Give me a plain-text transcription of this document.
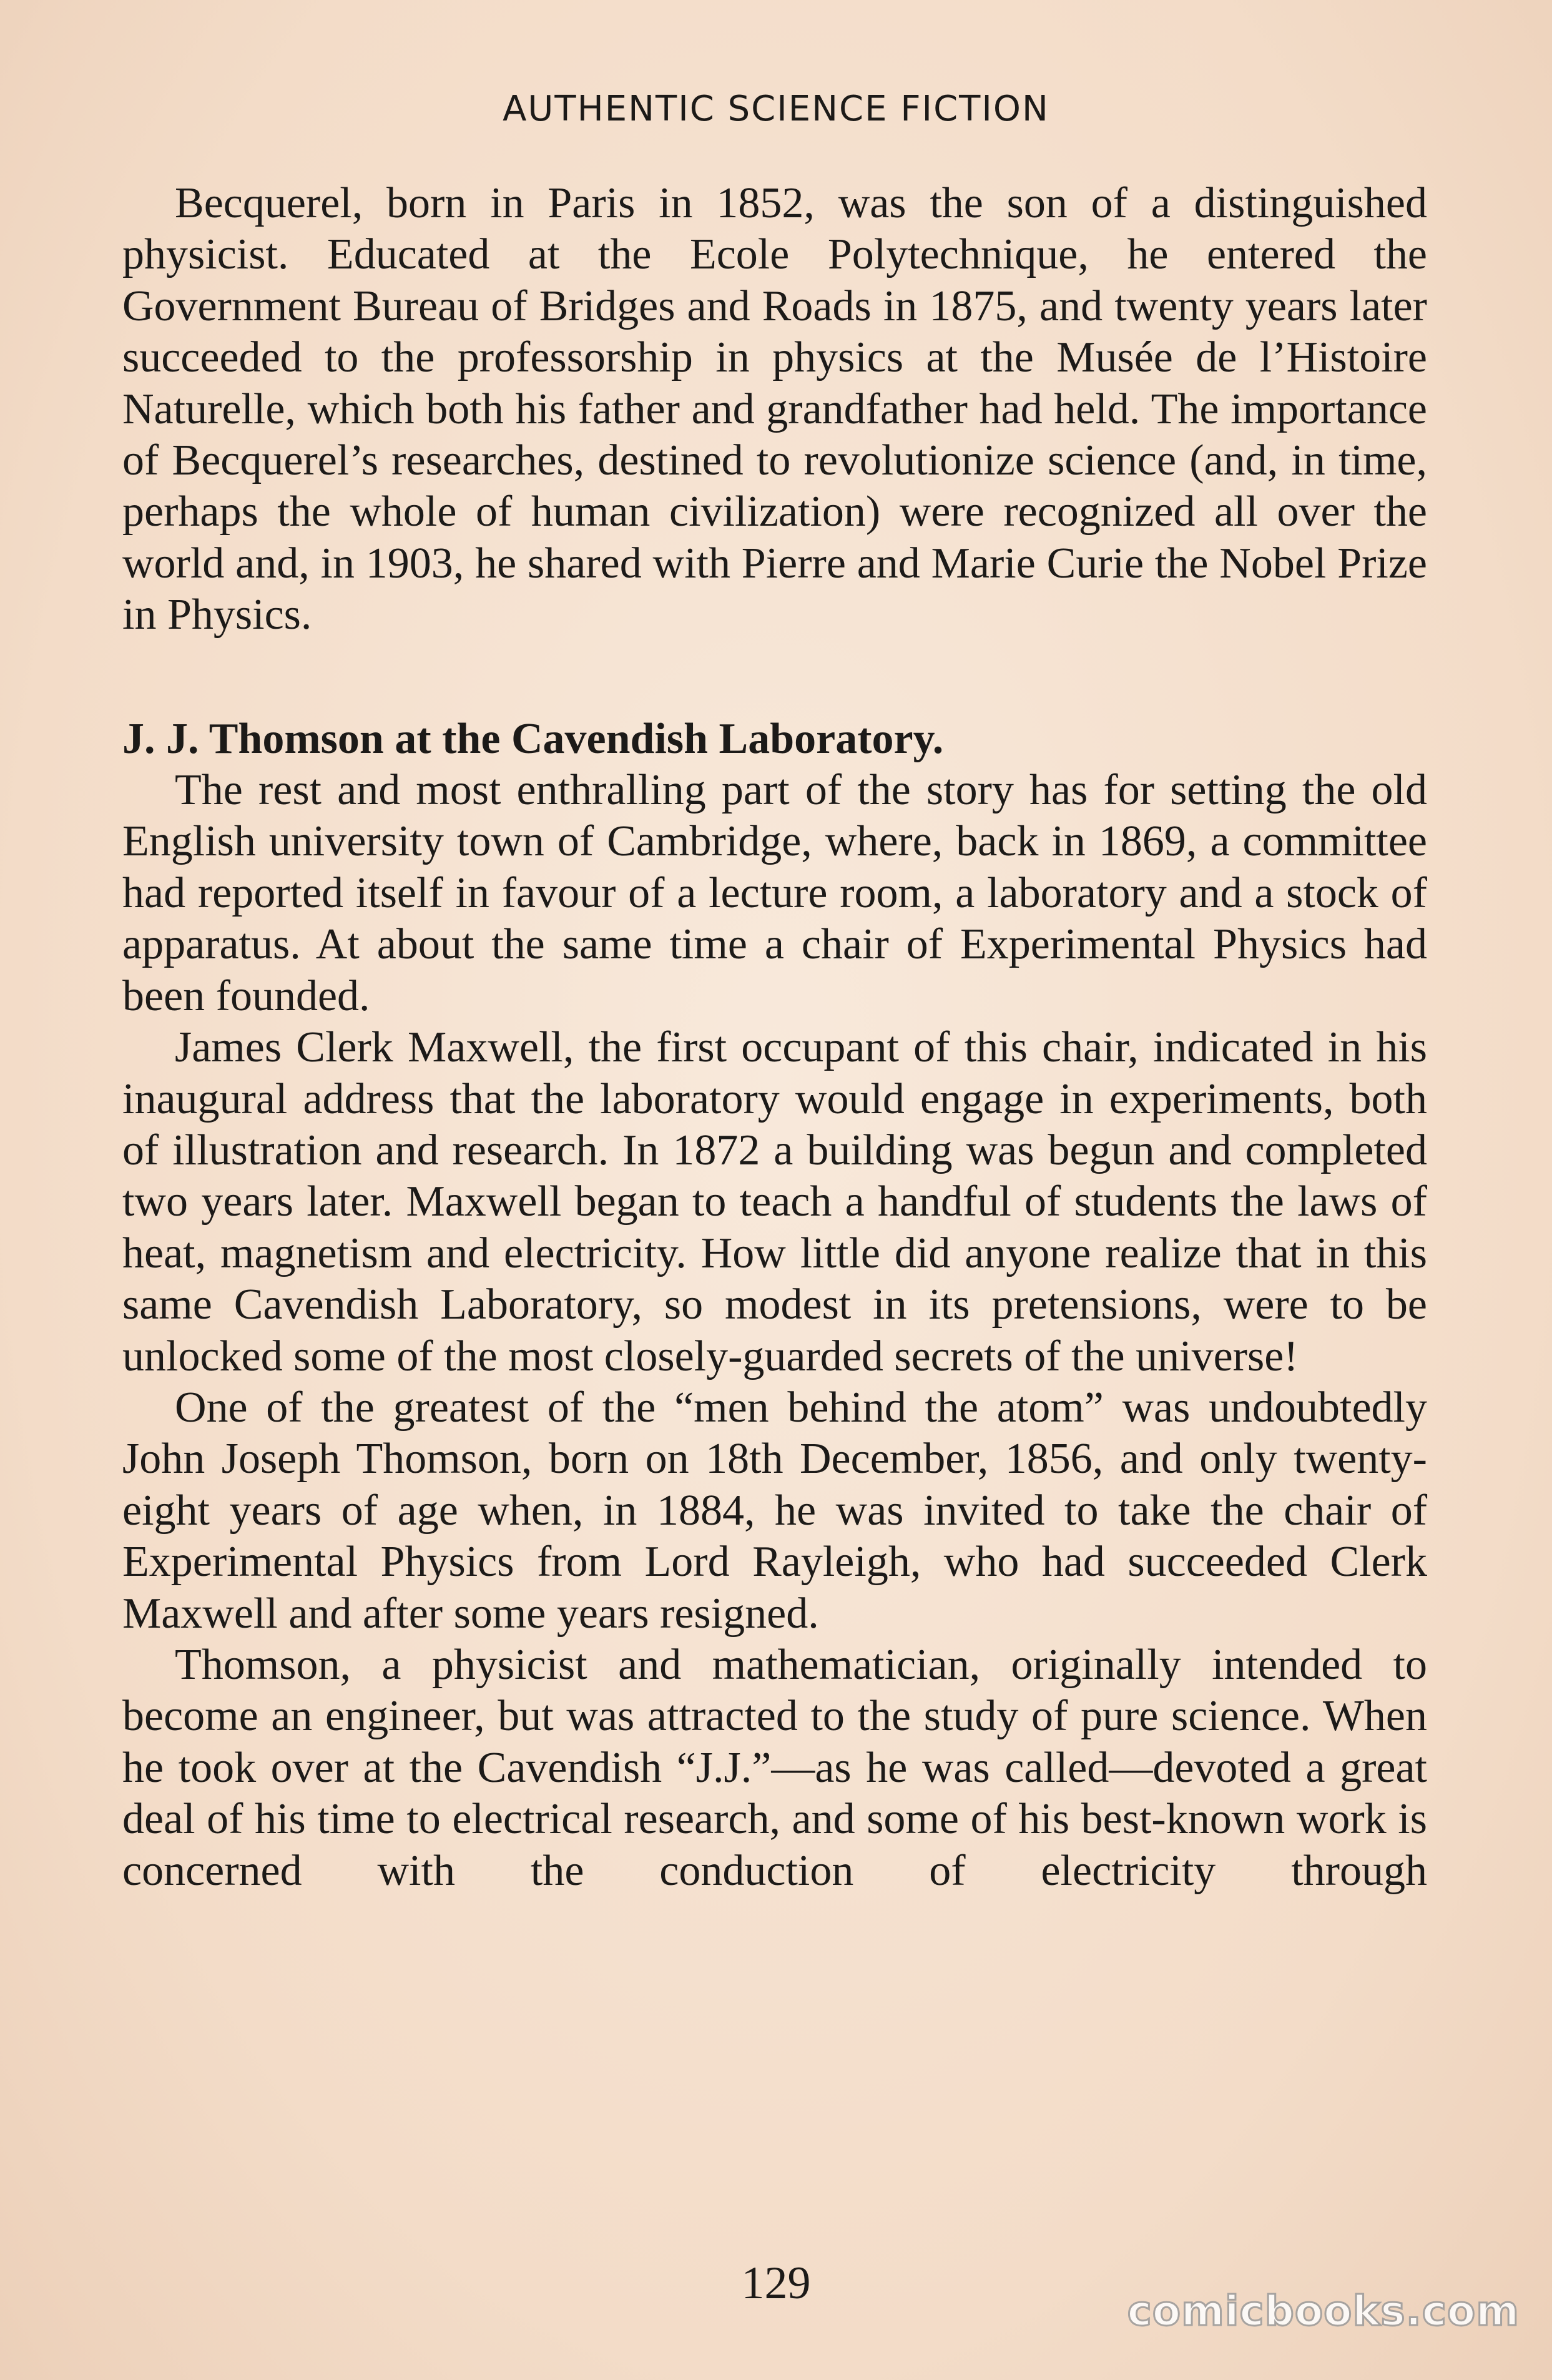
AUTHENTIC SCIENCE FICTION

Becquerel, born in Paris in 1852, was the son of a distinguished physicist. Educated at the Ecole Polytechnique, he entered the Government Bureau of Bridges and Roads in 1875, and twenty years later succeeded to the professorship in physics at the Musée de l’Histoire Naturelle, which both his father and grandfather had held. The importance of Becquerel’s researches, destined to revolutionize science (and, in time, perhaps the whole of human civilization) were recognized all over the world and, in 1903, he shared with Pierre and Marie Curie the Nobel Prize in Physics.

J. J. Thomson at the Cavendish Laboratory.

The rest and most enthralling part of the story has for setting the old English university town of Cambridge, where, back in 1869, a committee had reported itself in favour of a lecture room, a laboratory and a stock of apparatus. At about the same time a chair of Experimental Physics had been founded.

James Clerk Maxwell, the first occupant of this chair, indicated in his inaugural address that the laboratory would engage in experiments, both of illustration and research. In 1872 a building was begun and completed two years later. Maxwell began to teach a handful of students the laws of heat, magnetism and electricity. How little did anyone realize that in this same Cavendish Laboratory, so modest in its pretensions, were to be unlocked some of the most closely-guarded secrets of the universe!

One of the greatest of the “men behind the atom” was undoubtedly John Joseph Thomson, born on 18th December, 1856, and only twenty-eight years of age when, in 1884, he was invited to take the chair of Experimental Physics from Lord Rayleigh, who had succeeded Clerk Maxwell and after some years resigned.

Thomson, a physicist and mathematician, originally intended to become an engineer, but was attracted to the study of pure science. When he took over at the Cavendish “J.J.”—as he was called—devoted a great deal of his time to electrical research, and some of his best-known work is concerned with the conduction of electricity through

129
comicbooks.com
